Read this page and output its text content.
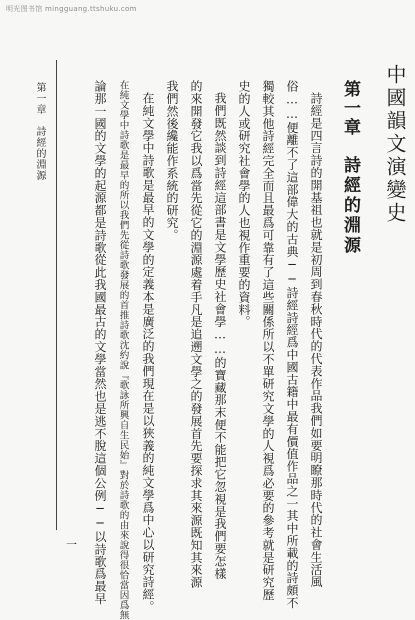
明光图书馆 mingguang.ttshuku.com
中國韻文演變史
第一章
詩經的淵源
詩經是四言詩的開基祖也就是初周到春秋時代的代表作品我們如要明瞭那時代的社會生活風
俗……便離不了這部偉大的古典──詩經詩經爲中國古籍中最有價值作品之一其中所載的詩頗不
獨較其他詩經完全而且最爲可靠有了這些關係所以不單研究文學的人視爲必要的參考就是研究歷
史的人或研究社會學的人也視作重要的資料。
我們既然談到詩經這部書是文學歷史社會學……的寶藏那末便不能把它忽視是我們要怎樣
的來開發它我以爲當先從它的淵源處着手凡是追遡文學之的發展首先要探求其來源既知其來源
我們然後纔能作系統的研究。
在純文學中詩歌是最早的文學的定義本是廣泛的我們現在是以狹義的純文學爲中心以研究詩經。
在純文學中詩歌是最早的所以我們先從詩歌發展的首推詩歌沈約說『歌詠所興自生民始』對於詩歌的由來說得很恰當因爲無
論那一國的文學的起源都是詩歌從此我國最古的文學當然也是逃不脫這個公例──以詩歌爲最早
第一章
詩經的淵源
一
